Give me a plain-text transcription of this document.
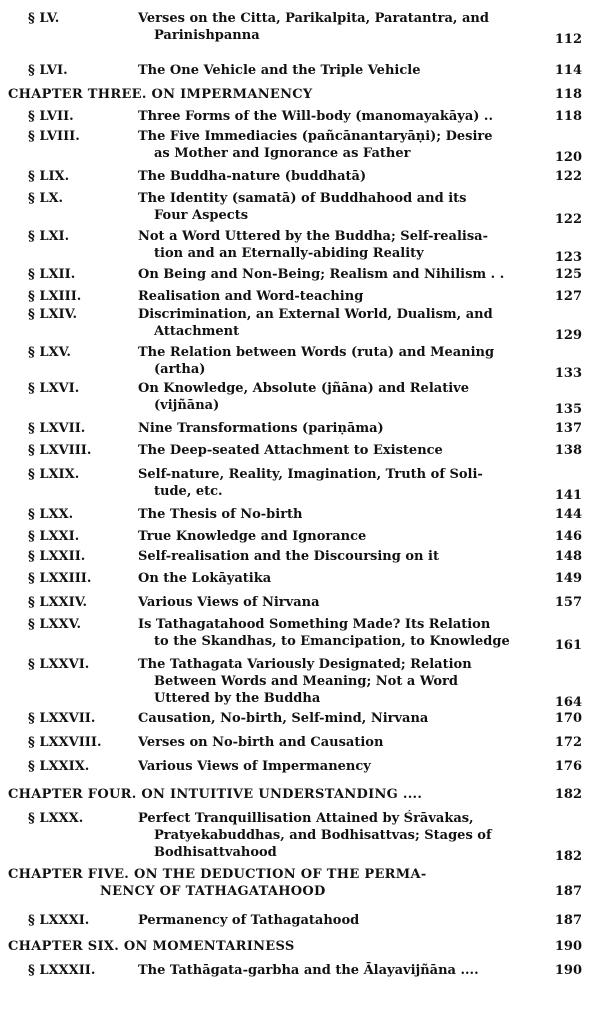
§ LV.	Verses on the Citta, Parikalpita, Paratantra, and
Parinishpanna	112
§ LVI.	The One Vehicle and the Triple Vehicle	114
CHAPTER THREE. ON IMPERMANENCY	118
§ LVII.	Three Forms of the Will-body (manomayakāya) ..	118
§ LVIII.	The Five Immediacies (pañcānantaryāṇi); Desire
as Mother and Ignorance as Father	120
§ LIX.	The Buddha-nature (buddhatā)	122
§ LX.	The Identity (samatā) of Buddhahood and its
Four Aspects	122
§ LXI.	Not a Word Uttered by the Buddha; Self-realisa-
tion and an Eternally-abiding Reality	123
§ LXII.	On Being and Non-Being; Realism and Nihilism . .	125
§ LXIII.	Realisation and Word-teaching	127
§ LXIV.	Discrimination, an External World, Dualism, and
Attachment	129
§ LXV.	The Relation between Words (ruta) and Meaning
(artha)	133
§ LXVI.	On Knowledge, Absolute (jñāna) and Relative
(vijñāna)	135
§ LXVII.	Nine Transformations (pariṇāma)	137
§ LXVIII.	The Deep-seated Attachment to Existence	138
§ LXIX.	Self-nature, Reality, Imagination, Truth of Soli-
tude, etc.	141
§ LXX.	The Thesis of No-birth	144
§ LXXI.	True Knowledge and Ignorance	146
§ LXXII.	Self-realisation and the Discoursing on it	148
§ LXXIII.	On the Lokāyatika	149
§ LXXIV.	Various Views of Nirvana	157
§ LXXV.	Is Tathagatahood Something Made? Its Relation
to the Skandhas, to Emancipation, to Knowledge	161
§ LXXVI.	The Tathagata Variously Designated; Relation
Between Words and Meaning; Not a Word
Uttered by the Buddha	164
§ LXXVII.	Causation, No-birth, Self-mind, Nirvana	170
§ LXXVIII.	Verses on No-birth and Causation	172
§ LXXIX.	Various Views of Impermanency	176
CHAPTER FOUR. ON INTUITIVE UNDERSTANDING ....	182
§ LXXX.	Perfect Tranquillisation Attained by Śrāvakas,
Pratyekabuddhas, and Bodhisattvas; Stages of
Bodhisattvahood	182
CHAPTER FIVE. ON THE DEDUCTION OF THE PERMA-
NENCY OF TATHAGATAHOOD	187
§ LXXXI.	Permanency of Tathagatahood	187
CHAPTER SIX. ON MOMENTARINESS	190
§ LXXXII.	The Tathāgata-garbha and the Ālayavijñāna ....	190
